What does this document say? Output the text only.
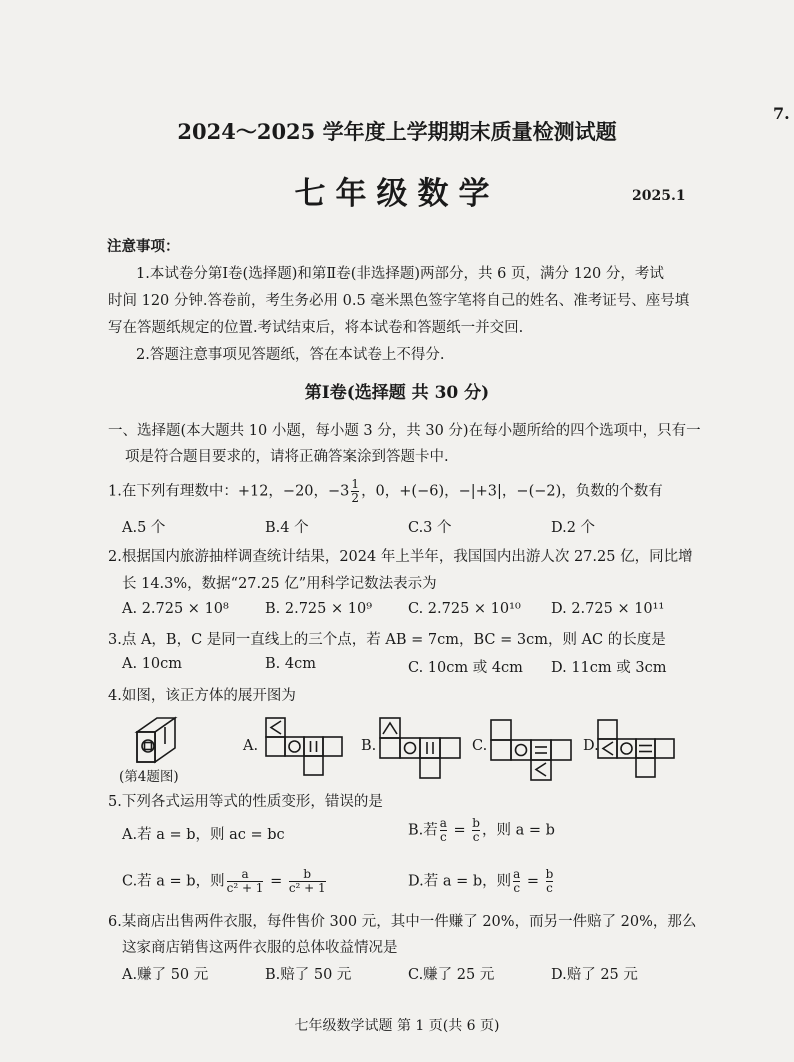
7.
2024～2025 学年度上学期期末质量检测试题
七年级数学	2025.1
注意事项：
1.本试卷分第Ⅰ卷(选择题)和第Ⅱ卷(非选择题)两部分，共 6 页，满分 120 分，考试
时间 120 分钟.答卷前，考生务必用 0.5 毫米黑色签字笔将自己的姓名、准考证号、座号填
写在答题纸规定的位置.考试结束后，将本试卷和答题纸一并交回.
2.答题注意事项见答题纸，答在本试卷上不得分.
第Ⅰ卷(选择题 共 30 分)
一、选择题(本大题共 10 小题，每小题 3 分，共 30 分)在每小题所给的四个选项中，只有一
项是符合题目要求的，请将正确答案涂到答题卡中.
1.在下列有理数中：+12，−20，$-3 \frac{1}{2}$ ，0，+(−6)，−|+3|，−(−2)，负数的个数有
A.5 个	B.4 个	C.3 个	D.2 个
2.根据国内旅游抽样调查统计结果，2024 年上半年，我国国内出游人次 27.25 亿，同比增
长 14.3%，数据“27.25 亿”用科学记数法表示为
A. 2.725 × 10⁸ B. 2.725 × 10⁹ C. 2.725 × 10¹⁰ D. 2.725 × 10¹¹
3.点 A，B，C 是同一直线上的三个点，若 AB = 7cm，BC = 3cm，则 AC 的长度是
A. 10cm	B. 4cm	C. 10cm 或 4cm D. 11cm 或 3cm
4.如图，该正方体的展开图为
A.	B.	C.	D.
(第4题图)
5.下列各式运用等式的性质变形，错误的是
A.若 a = b，则 ac = bc	B.若 $\frac{a}{c} = \frac{b}{c}$ ，则 a = b
C.若 a = b，则 $\frac{a}{\text{c² + 1}} = \frac{b}{\text{c² + 1}}$	D.若 a = b，则 $\frac{a}{c} = \frac{b}{c}$
6.某商店出售两件衣服，每件售价 300 元，其中一件赚了 20%，而另一件赔了 20%，那么
这家商店销售这两件衣服的总体收益情况是
A.赚了 50 元	B.赔了 50 元	C.赚了 25 元	D.赔了 25 元
七年级数学试题 第 1 页(共 6 页)
